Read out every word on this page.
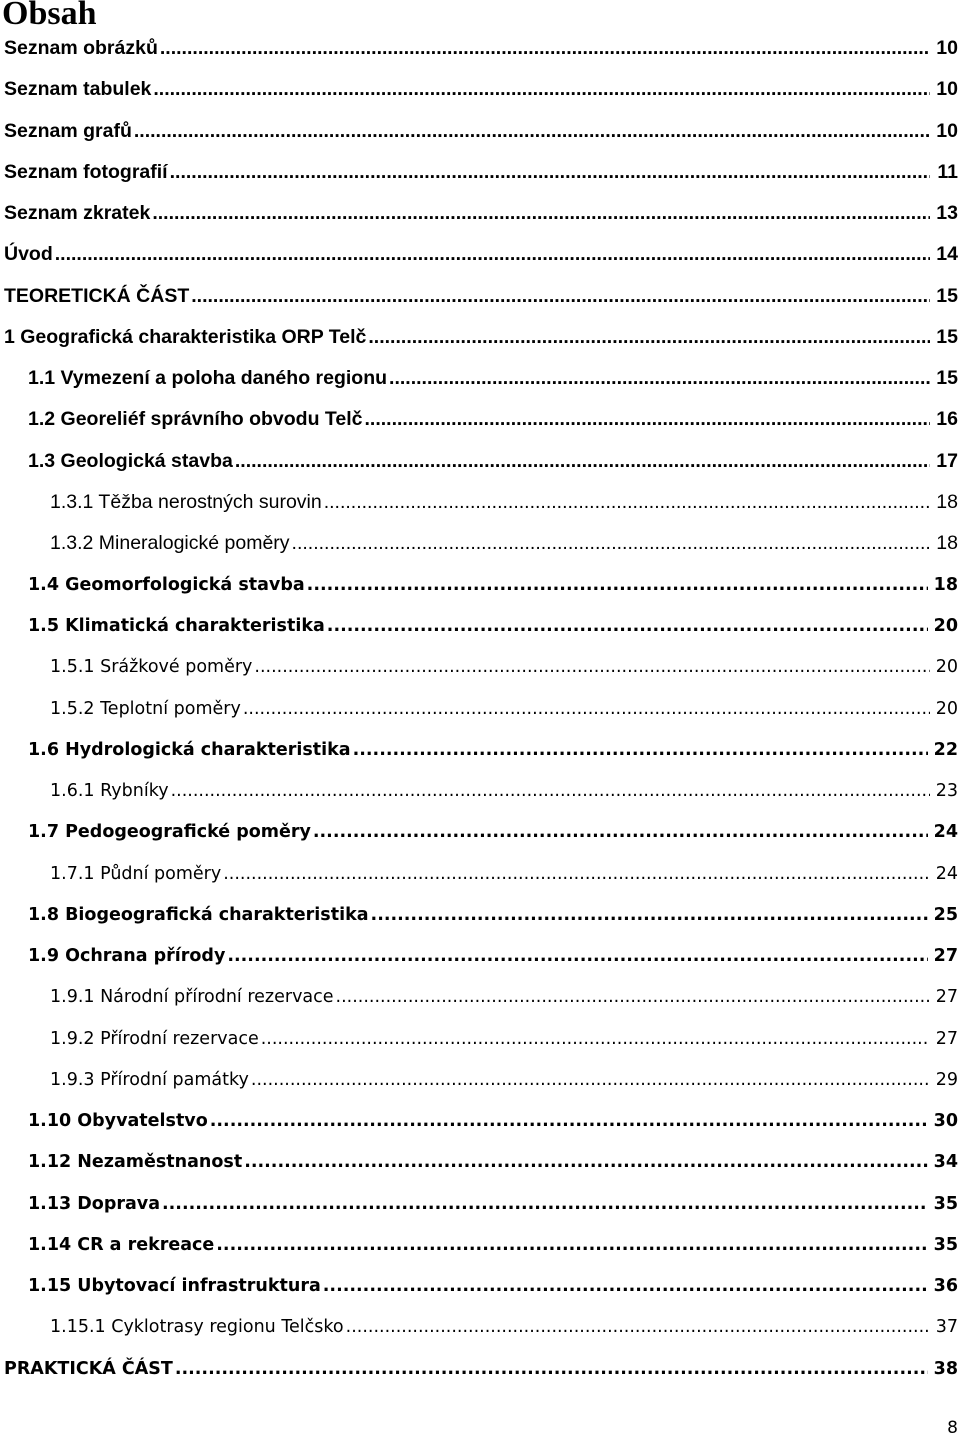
Obsah
Seznam obrázků .....	10
Seznam tabulek .....	10
Seznam grafů .....	10
Seznam fotografií .....	11
Seznam zkratek .....	13
Úvod .....	14
TEORETICKÁ ČÁST .....	15
1 Geografická charakteristika ORP Telč .....	15
1.1 Vymezení a poloha daného regionu .....	15
1.2 Georeliéf správního obvodu Telč .....	16
1.3 Geologická stavba .....	17
1.3.1 Těžba nerostných surovin .....	18
1.3.2 Mineralogické poměry .....	18
1.4 Geomorfologická stavba .....	18
1.5 Klimatická charakteristika .....	20
1.5.1 Srážkové poměry .....	20
1.5.2 Teplotní poměry .....	20
1.6 Hydrologická charakteristika .....	22
1.6.1 Rybníky .....	23
1.7 Pedogeografické poměry .....	24
1.7.1 Půdní poměry .....	24
1.8 Biogeografická charakteristika .....	25
1.9 Ochrana přírody .....	27
1.9.1 Národní přírodní rezervace .....	27
1.9.2 Přírodní rezervace .....	27
1.9.3 Přírodní památky .....	29
1.10 Obyvatelstvo .....	30
1.12 Nezaměstnanost .....	34
1.13 Doprava .....	35
1.14 CR a rekreace .....	35
1.15 Ubytovací infrastruktura .....	36
1.15.1 Cyklotrasy regionu Telčsko .....	37
PRAKTICKÁ ČÁST .....	38
8
